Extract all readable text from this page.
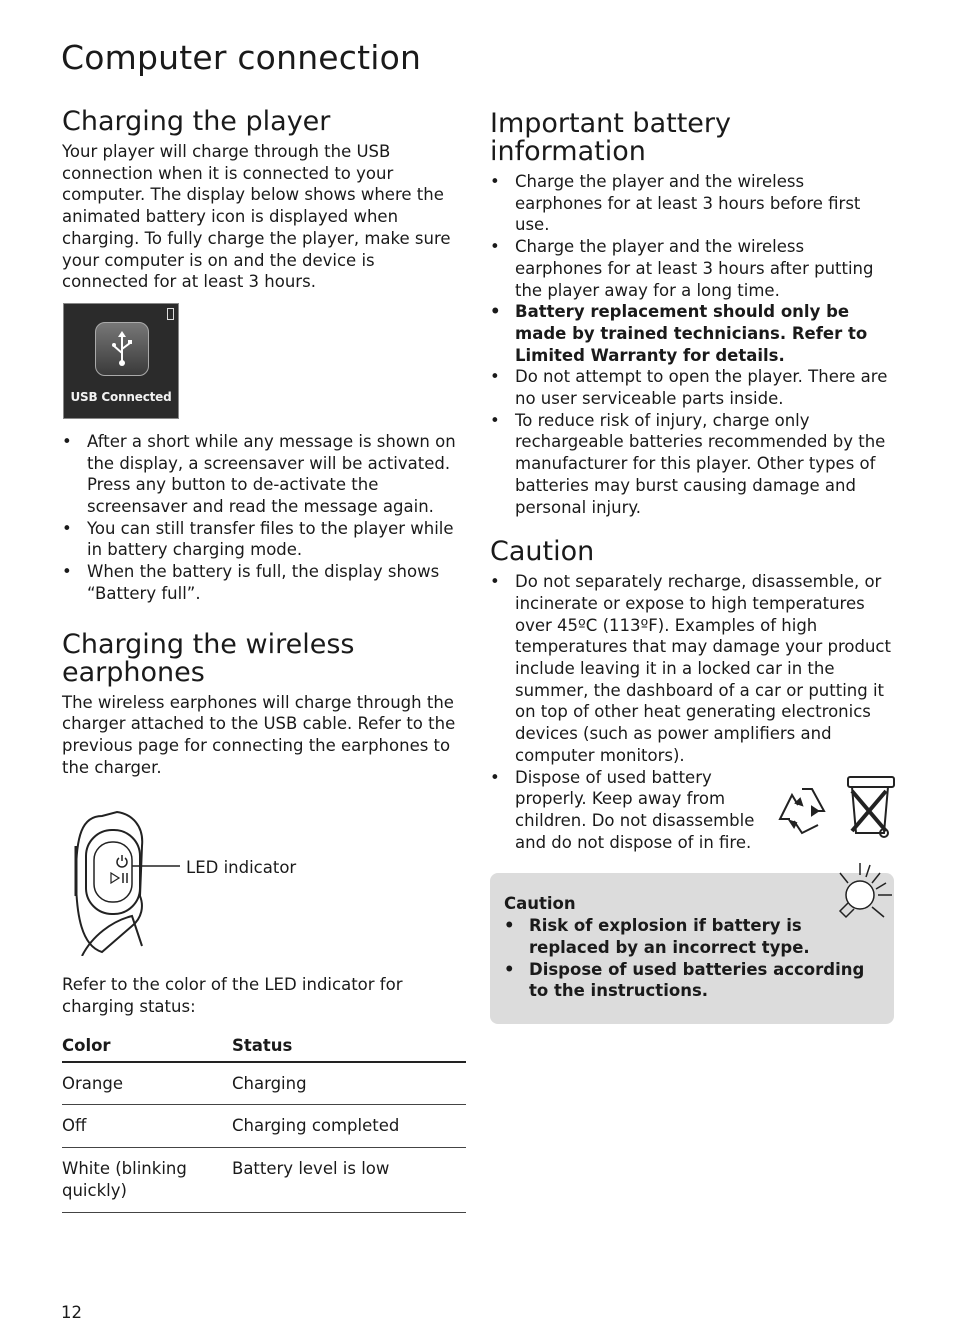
Computer connection
Charging the player

Your player will charge through the USB connection when it is connected to your computer. The display below shows where the animated battery icon is displayed when charging. To fully charge the player, make sure your computer is on and the device is connected for at least 3 hours.

USB Connected
• After a short while any message is shown on the display, a screensaver will be activated. Press any button to de-activate the screensaver and read the message again.
• You can still transfer files to the player while in battery charging mode.
• When the battery is full, the display shows “Battery full”.
Charging the wireless earphones

The wireless earphones will charge through the charger attached to the USB cable. Refer to the previous page for connecting the earphones to the charger.

LED indicator

Refer to the color of the LED indicator for charging status:

Color	Status
Orange	Charging
Off	Charging completed
White (blinking quickly)	Battery level is low
Important battery information
• Charge the player and the wireless earphones for at least 3 hours before first use.
• Charge the player and the wireless earphones for at least 3 hours after putting the player away for a long time.
• Battery replacement should only be made by trained technicians. Refer to Limited Warranty for details.
• Do not attempt to open the player. There are no user serviceable parts inside.
• To reduce risk of injury, charge only rechargeable batteries recommended by the manufacturer for this player. Other types of batteries may burst causing damage and personal injury.
Caution
• Do not separately recharge, disassemble, or incinerate or expose to high temperatures over 45ºC (113ºF). Examples of high temperatures that may damage your product include leaving it in a locked car in the summer, the dashboard of a car or putting it on top of other heat generating electronics devices (such as power amplifiers and computer monitors).
• Dispose of used battery properly. Keep away from children. Do not disassemble and do not dispose of in fire.

Caution

• Risk of explosion if battery is replaced by an incorrect type.
• Dispose of used batteries according to the instructions.
12
